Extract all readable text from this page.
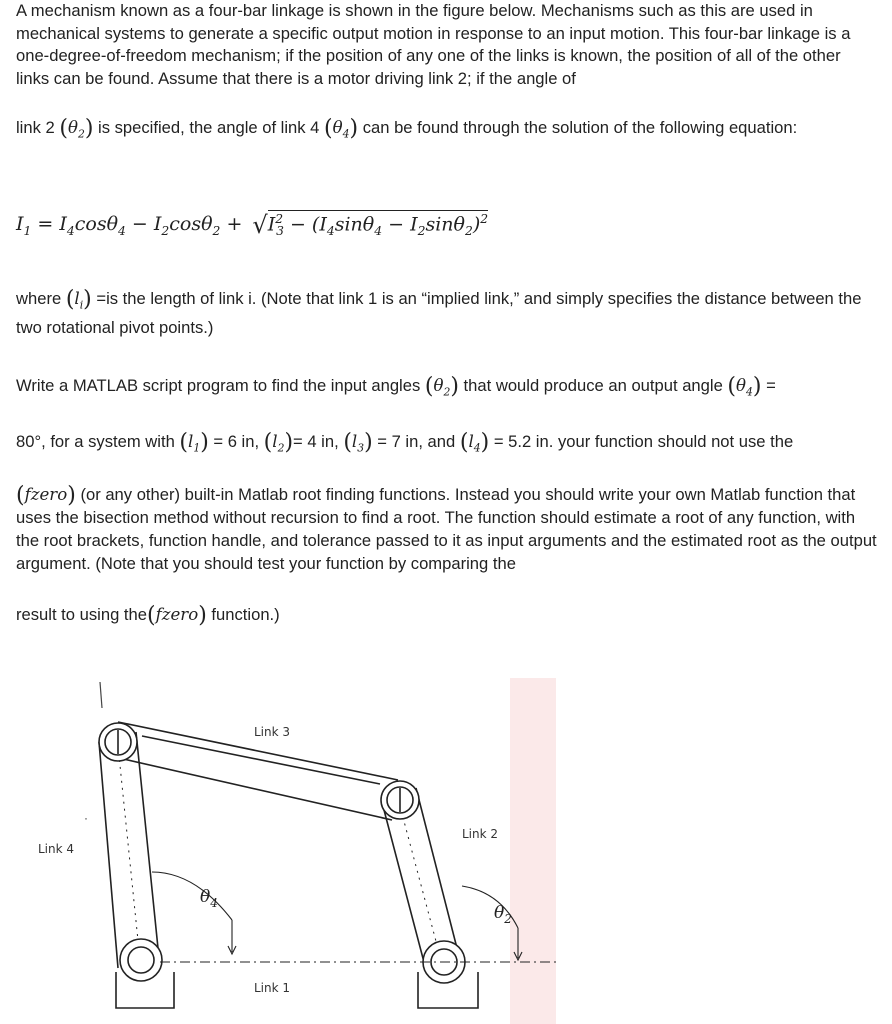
A mechanism known as a four-bar linkage is shown in the figure below. Mechanisms such as this are used in mechanical systems to generate a specific output motion in response to an input motion. This four-bar linkage is a one-degree-of-freedom mechanism; if the position of any one of the links is known, the position of all of the other links can be found. Assume that there is a motor driving link 2; if the angle of

link 2 $(\theta_2)$ is specified, the angle of link 4 $(\theta_4)$ can be found through the solution of the following equation:

$I_1 = I_4\cos\theta_4 - I_2\cos\theta_2 + √I^2_3 - (I_4\sin\theta_4 - I_2\sin\theta_2)^2$

where $(l_i) =is$ the length of link i. (Note that link 1 is an “implied link,” and simply specifies the distance between the two rotational pivot points.)

Write a MATLAB script program to find the input angles $(\theta_2)$ that would produce an output angle $(\theta_4)$ =
80°, for a system with $(l_1) = 6$ in, $(l_2)= 4$ in, $(l_3) = 7$ in, and $(l_4) = 5.2$ in. your function should not use the
(fzero) (or any other) built-in Matlab root finding functions. Instead you should write your own Matlab function that uses the bisection method without recursion to find a root. The function should estimate a root of any function, with the root brackets, function handle, and tolerance passed to it as input arguments and the estimated root as the output argument. (Note that you should test your function by comparing the
result to using the(fzero) function.)
·
Link 3
Link 2
Link 4
Link 1
$\theta_4$	$\theta_2$
